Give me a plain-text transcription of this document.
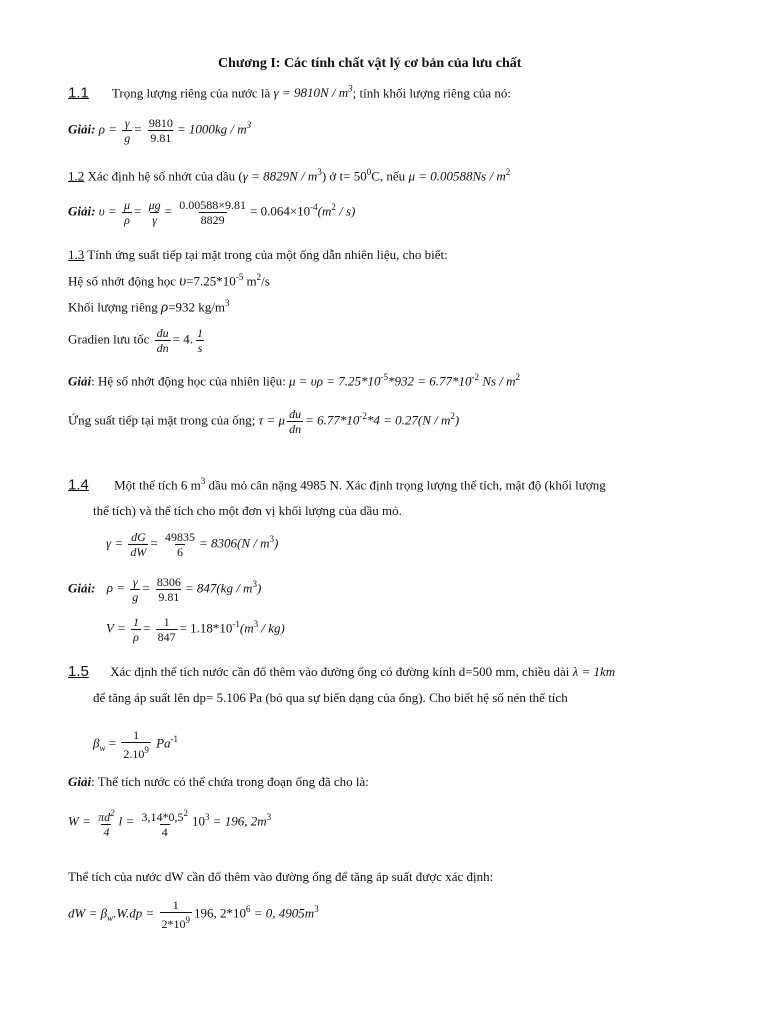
Chương I: Các tính chất vật lý cơ bản của lưu chất
1.1 Trọng lượng riêng của nước là $\gamma = 9810N / m^3$; tính khối lượng riêng của nó:
Giải: $\rho = \frac{\gamma}{g} = \frac{9810}{9.81} = 1000kg / m^3$
1.2 Xác định hệ số nhớt của dầu $(\gamma = 8829N / m^3)$ ở $t= 50^0C$, nếu $\mu = 0.00588Ns / m^2$
Giải: $\upsilon = \frac{\mu}{\rho} = \frac{\mu g}{\gamma} = \frac{0.00588\times 9.81}{8829} = 0.064\times 10^{-4}(m^2 / s)$
1.3 Tính ứng suất tiếp tại mặt trong của một ống dẫn nhiên liệu, cho biết:
Hệ số nhớt động học $\upsilon=7.25*10^{-5}$ $m^2/s$
Khối lượng riêng ρ=932 $kg/m^3$
Gradien lưu tốc $\frac{du}{dn} = 4$. $\frac{1}{s}$
Giải: Hệ số nhớt động học của nhiên liệu: $\mu = \upsilon\rho = 7.25*10^{-5}*932 = 6.77*10^{-2}$ Ns / $m^2$
Ứng suất tiếp tại mặt trong của ống; τ = μ $\frac{du}{dn} = 6.77*10^{-2}*4 = 0.27(N / m^2)$
1.4 Một thể tích 6 $m^3$ dầu mỏ cân nặng 4985 N. Xác định trọng lượng thể tích, mật độ (khối lượng
thể tích) và thể tích cho một đơn vị khối lượng của dầu mỏ.
$\gamma = \frac{dG}{dW} = \frac{49835}{6} = 8306(N / m^3)$
Giải: $\rho = \frac{\gamma}{g} = \frac{8306}{9.81} = 847(kg / m^3)$
$V = \frac{1}{\rho} = \frac{1}{847} = 1.18*10^{-1}(m^3 / kg)$
1.5 Xác định thể tích nước cần đổ thêm vào đường ống có đường kính d=500 mm, chiều dài λ = 1km
để tăng áp suất lên dp= 5.106 Pa (bỏ qua sự biến dạng của ống). Cho biết hệ số nén thể tích
$\beta_w = \frac{1}{2.10^9} Pa^{-1}$
Giải: Thể tích nước có thể chứa trong đoạn ống đã cho là:
$W = \frac{\pi d^2}{4}$ $l = \frac{3,14*0,5^2}{4} 10^3 = 196$, $2m^3$
Thể tích của nước dW cần đổ thêm vào đường ống để tăng áp suất được xác định:
dW = $\beta_w.W.dp = \frac{1}{2*10^9} 196$, $2*10^6 = 0$, $4905m^3$
